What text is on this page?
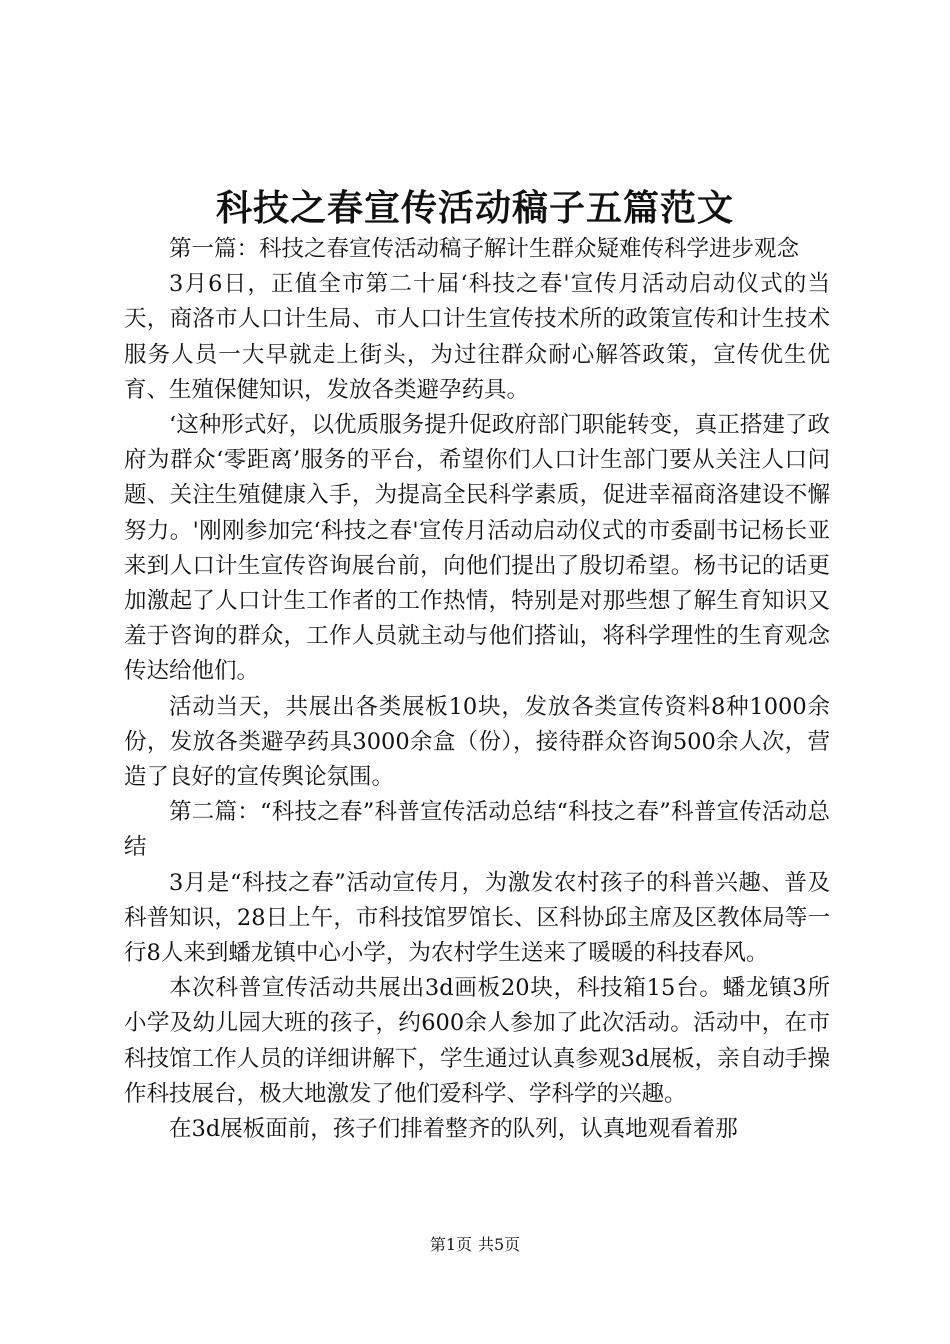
科技之春宣传活动稿子五篇范文

第一篇：科技之春宣传活动稿子解计生群众疑难传科学进步观念

3月6日，正值全市第二十届‘科技之春'宣传月活动启动仪式的当天，商洛市人口计生局、市人口计生宣传技术所的政策宣传和计生技术服务人员一大早就走上街头，为过往群众耐心解答政策，宣传优生优育、生殖保健知识，发放各类避孕药具。

‘这种形式好，以优质服务提升促政府部门职能转变，真正搭建了政府为群众‘零距离’服务的平台，希望你们人口计生部门要从关注人口问题、关注生殖健康入手，为提高全民科学素质，促进幸福商洛建设不懈努力。'刚刚参加完‘科技之春'宣传月活动启动仪式的市委副书记杨长亚来到人口计生宣传咨询展台前，向他们提出了殷切希望。杨书记的话更加激起了人口计生工作者的工作热情，特别是对那些想了解生育知识又羞于咨询的群众，工作人员就主动与他们搭讪，将科学理性的生育观念传达给他们。

活动当天，共展出各类展板10块，发放各类宣传资料8种1000余份，发放各类避孕药具3000余盒（份），接待群众咨询500余人次，营造了良好的宣传舆论氛围。

第二篇：“科技之春”科普宣传活动总结“科技之春”科普宣传活动总结

3月是“科技之春”活动宣传月，为激发农村孩子的科普兴趣、普及科普知识，28日上午，市科技馆罗馆长、区科协邱主席及区教体局等一行8人来到蟠龙镇中心小学，为农村学生送来了暖暖的科技春风。

本次科普宣传活动共展出3d画板20块，科技箱15台。蟠龙镇3所小学及幼儿园大班的孩子，约600余人参加了此次活动。活动中，在市科技馆工作人员的详细讲解下，学生通过认真参观3d展板，亲自动手操作科技展台，极大地激发了他们爱科学、学科学的兴趣。

在3d展板面前，孩子们排着整齐的队列，认真地观看着那

第1页 共5页
